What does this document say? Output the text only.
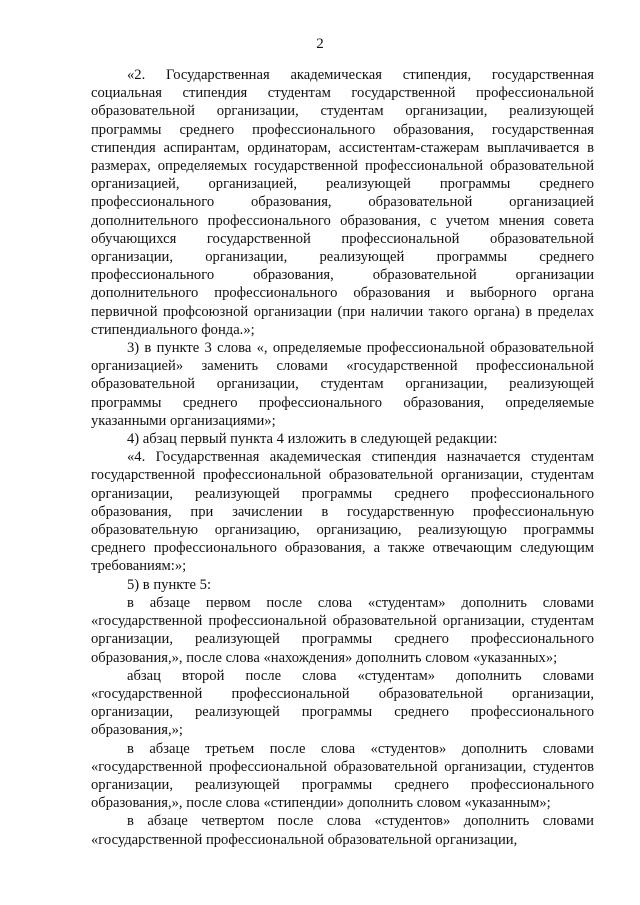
2

«2. Государственная академическая стипендия, государственная социальная стипендия студентам государственной профессиональной образовательной организации, студентам организации, реализующей программы среднего профессионального образования, государственная стипендия аспирантам, ординаторам, ассистентам-стажерам выплачивается в размерах, определяемых государственной профессиональной образовательной организацией, организацией, реализующей программы среднего профессионального образования, образовательной организацией дополнительного профессионального образования, с учетом мнения совета обучающихся государственной профессиональной образовательной организации, организации, реализующей программы среднего профессионального образования, образовательной организации дополнительного профессионального образования и выборного органа первичной профсоюзной организации (при наличии такого органа) в пределах стипендиального фонда.»;

3) в пункте 3 слова «, определяемые профессиональной образовательной организацией» заменить словами «государственной профессиональной образовательной организации, студентам организации, реализующей программы среднего профессионального образования, определяемые указанными организациями»;

4) абзац первый пункта 4 изложить в следующей редакции:

«4. Государственная академическая стипендия назначается студентам государственной профессиональной образовательной организации, студентам организации, реализующей программы среднего профессионального образования, при зачислении в государственную профессиональную образовательную организацию, организацию, реализующую программы среднего профессионального образования, а также отвечающим следующим требованиям:»;

5) в пункте 5:

в абзаце первом после слова «студентам» дополнить словами «государственной профессиональной образовательной организации, студентам организации, реализующей программы среднего профессионального образования,», после слова «нахождения» дополнить словом «указанных»;

абзац второй после слова «студентам» дополнить словами «государственной профессиональной образовательной организации, организации, реализующей программы среднего профессионального образования,»;

в абзаце третьем после слова «студентов» дополнить словами «государственной профессиональной образовательной организации, студентов организации, реализующей программы среднего профессионального образования,», после слова «стипендии» дополнить словом «указанным»;

в абзаце четвертом после слова «студентов» дополнить словами «государственной профессиональной образовательной организации,
